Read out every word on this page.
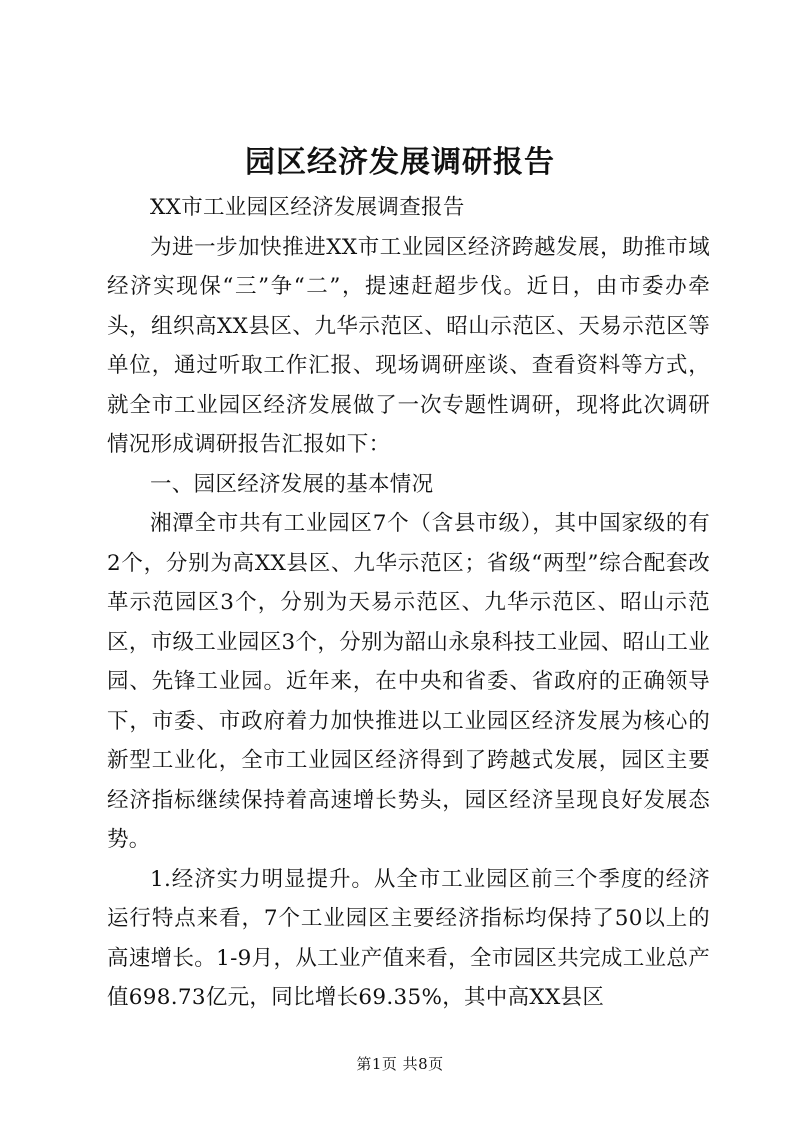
园区经济发展调研报告

XX市工业园区经济发展调查报告

为进一步加快推进XX市工业园区经济跨越发展，助推市域经济实现保“三”争“二”，提速赶超步伐。近日，由市委办牵头，组织高XX县区、九华示范区、昭山示范区、天易示范区等单位，通过听取工作汇报、现场调研座谈、查看资料等方式，就全市工业园区经济发展做了一次专题性调研，现将此次调研情况形成调研报告汇报如下：

一、园区经济发展的基本情况

湘潭全市共有工业园区7个（含县市级），其中国家级的有2个，分别为高XX县区、九华示范区；省级“两型”综合配套改革示范园区3个，分别为天易示范区、九华示范区、昭山示范区，市级工业园区3个，分别为韶山永泉科技工业园、昭山工业园、先锋工业园。近年来，在中央和省委、省政府的正确领导下，市委、市政府着力加快推进以工业园区经济发展为核心的新型工业化，全市工业园区经济得到了跨越式发展，园区主要经济指标继续保持着高速增长势头，园区经济呈现良好发展态势。

1.经济实力明显提升。从全市工业园区前三个季度的经济运行特点来看，7个工业园区主要经济指标均保持了50以上的高速增长。1-9月，从工业产值来看，全市园区共完成工业总产值698.73亿元，同比增长69.35%，其中高XX县区

第1页 共8页
